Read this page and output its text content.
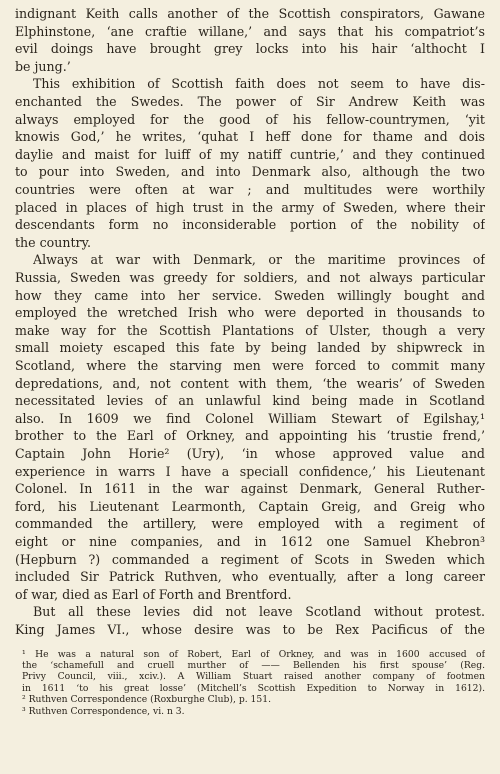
indignant Keith calls another of the Scottish conspirators, Gawane
Elphinstone, ‘ane craftie willane,’ and says that his compatriot’s
evil doings have brought grey locks into his hair ‘althocht I
be jung.’
This exhibition of Scottish faith does not seem to have dis-
enchanted the Swedes. The power of Sir Andrew Keith was
always employed for the good of his fellow-countrymen, ‘yit
knowis God,’ he writes, ‘quhat I heff done for thame and dois
daylie and maist for luiff of my natiff cuntrie,’ and they continued
to pour into Sweden, and into Denmark also, although the two
countries were often at war ; and multitudes were worthily
placed in places of high trust in the army of Sweden, where their
descendants form no inconsiderable portion of the nobility of
the country.
Always at war with Denmark, or the maritime provinces of
Russia, Sweden was greedy for soldiers, and not always particular
how they came into her service. Sweden willingly bought and
employed the wretched Irish who were deported in thousands to
make way for the Scottish Plantations of Ulster, though a very
small moiety escaped this fate by being landed by shipwreck in
Scotland, where the starving men were forced to commit many
depredations, and, not content with them, ‘the wearis’ of Sweden
necessitated levies of an unlawful kind being made in Scotland
also. In 1609 we find Colonel William Stewart of Egilshay,¹
brother to the Earl of Orkney, and appointing his ‘trustie frend,’
Captain John Horie² (Ury), ‘in whose approved value and
experience in warrs I have a speciall confidence,’ his Lieutenant
Colonel. In 1611 in the war against Denmark, General Ruther-
ford, his Lieutenant Learmonth, Captain Greig, and Greig who
commanded the artillery, were employed with a regiment of
eight or nine companies, and in 1612 one Samuel Khebron³
(Hepburn ?) commanded a regiment of Scots in Sweden which
included Sir Patrick Ruthven, who eventually, after a long career
of war, died as Earl of Forth and Brentford.
But all these levies did not leave Scotland without protest.
King James VI., whose desire was to be Rex Pacificus of the
¹ He was a natural son of Robert, Earl of Orkney, and was in 1600 accused of
the ‘schamefull and cruell murther of —— Bellenden his first spouse’ (Reg.
Privy Council, viii., xciv.). A William Stuart raised another company of footmen
in 1611 ‘to his great losse’ (Mitchell’s Scottish Expedition to Norway in 1612).
² Ruthven Correspondence (Roxburghe Club), p. 151.
³ Ruthven Correspondence, vi. n 3.
